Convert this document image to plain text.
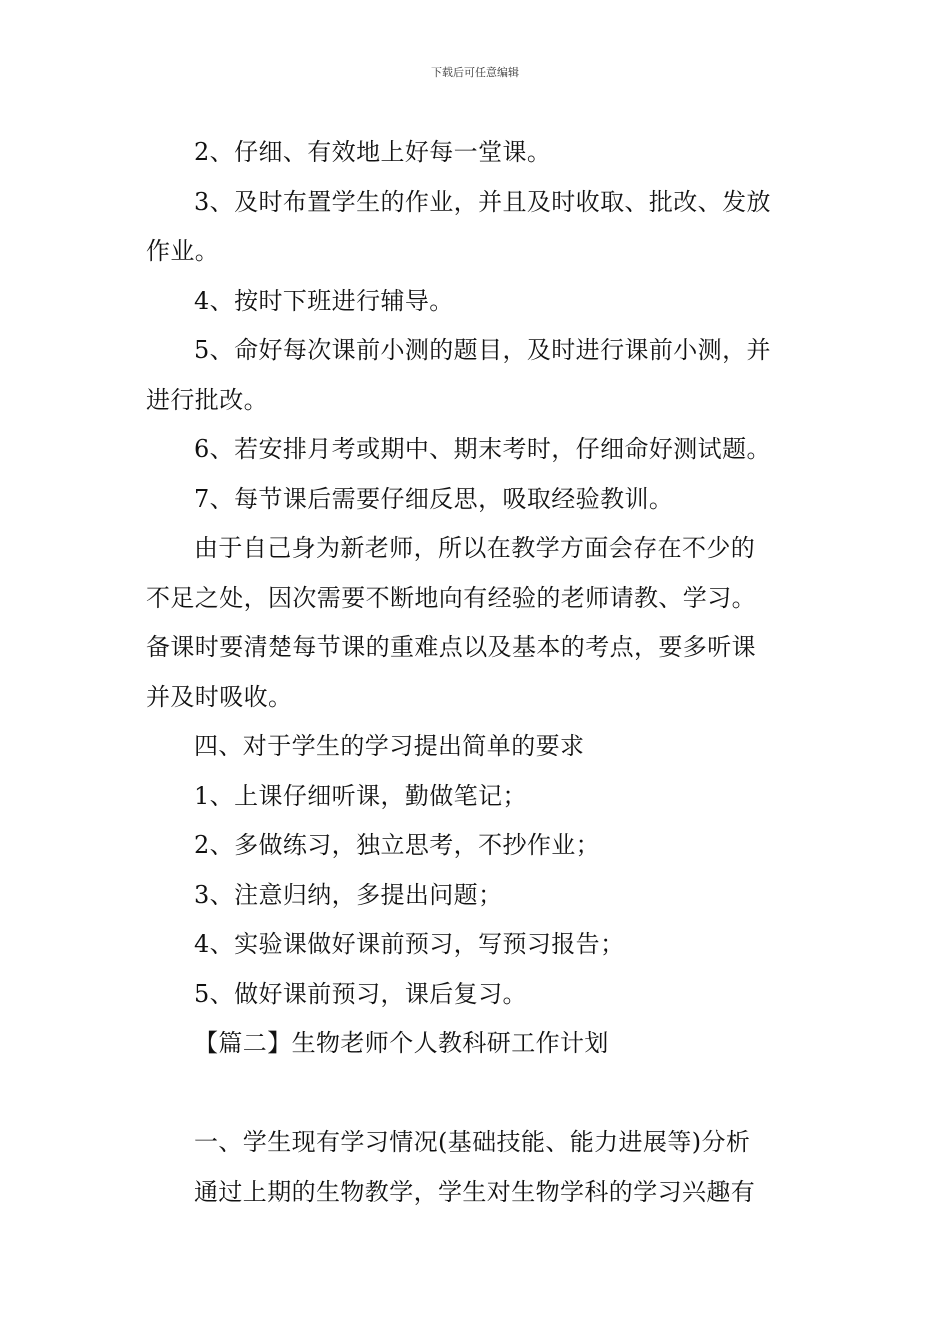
下载后可任意编辑
2、仔细、有效地上好每一堂课。
3、及时布置学生的作业，并且及时收取、批改、发放
作业。
4、按时下班进行辅导。
5、命好每次课前小测的题目，及时进行课前小测，并
进行批改。
6、若安排月考或期中、期末考时，仔细命好测试题。
7、每节课后需要仔细反思，吸取经验教训。
由于自己身为新老师，所以在教学方面会存在不少的
不足之处，因次需要不断地向有经验的老师请教、学习。
备课时要清楚每节课的重难点以及基本的考点，要多听课
并及时吸收。
四、对于学生的学习提出简单的要求
1、上课仔细听课，勤做笔记；
2、多做练习，独立思考，不抄作业；
3、注意归纳，多提出问题；
4、实验课做好课前预习，写预习报告；
5、做好课前预习，课后复习。
【篇二】生物老师个人教科研工作计划
一、学生现有学习情况(基础技能、能力进展等)分析
通过上期的生物教学，学生对生物学科的学习兴趣有
